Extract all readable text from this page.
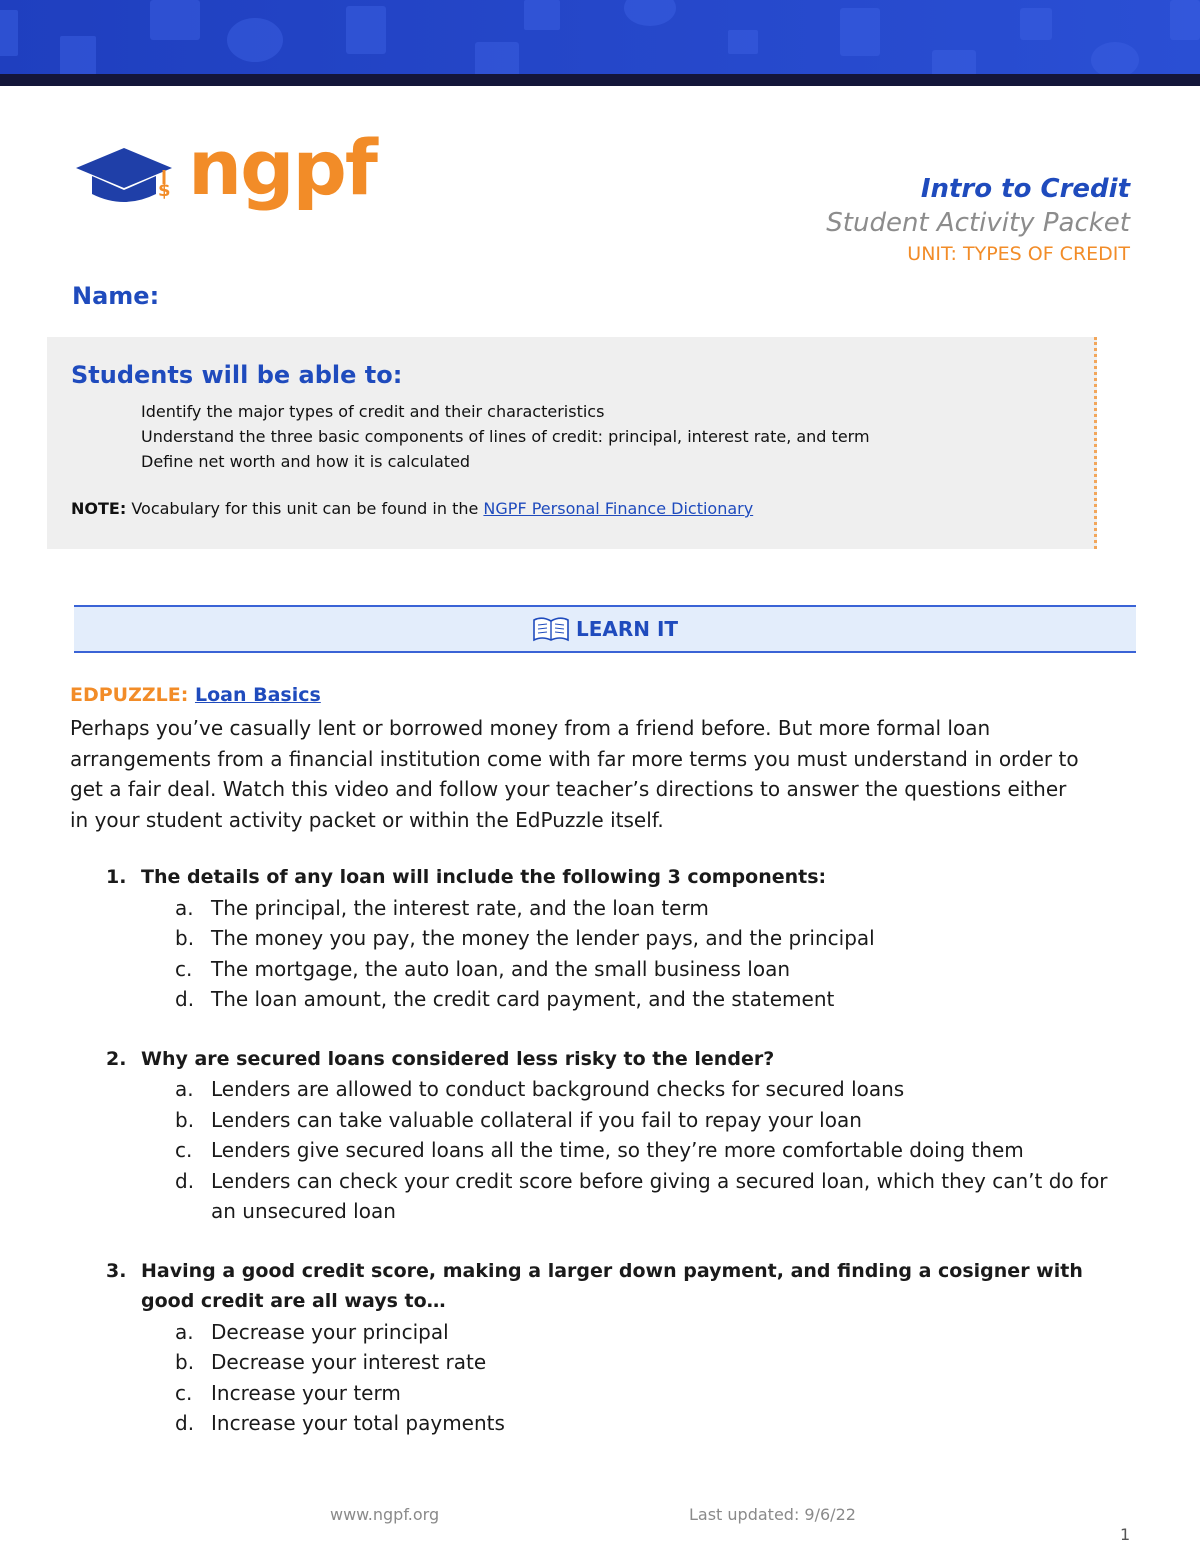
$ ngpf	Intro to Credit

Student Activity Packet

UNIT: TYPES OF CREDIT

Name:
Students will be able to:
Identify the major types of credit and their characteristics
Understand the three basic components of lines of credit: principal, interest rate, and term
Define net worth and how it is calculated
NOTE: Vocabulary for this unit can be found in the NGPF Personal Finance Dictionary
LEARN IT
EDPUZZLE: Loan Basics

Perhaps you’ve casually lent or borrowed money from a friend before. But more formal loan arrangements from a financial institution come with far more terms you must understand in order to get a fair deal. Watch this video and follow your teacher’s directions to answer the questions either in your student activity packet or within the EdPuzzle itself.

1. The details of any loan will include the following 3 components:
a. The principal, the interest rate, and the loan term
b. The money you pay, the money the lender pays, and the principal
c. The mortgage, the auto loan, and the small business loan
d. The loan amount, the credit card payment, and the statement
2. Why are secured loans considered less risky to the lender?
a. Lenders are allowed to conduct background checks for secured loans
b. Lenders can take valuable collateral if you fail to repay your loan
c. Lenders give secured loans all the time, so they’re more comfortable doing them
d. Lenders can check your credit score before giving a secured loan, which they can’t do for an unsecured loan
3. Having a good credit score, making a larger down payment, and finding a cosigner with good credit are all ways to…
a. Decrease your principal
b. Decrease your interest rate
c. Increase your term
d. Increase your total payments
www.ngpf.org	Last updated: 9/6/22
1
